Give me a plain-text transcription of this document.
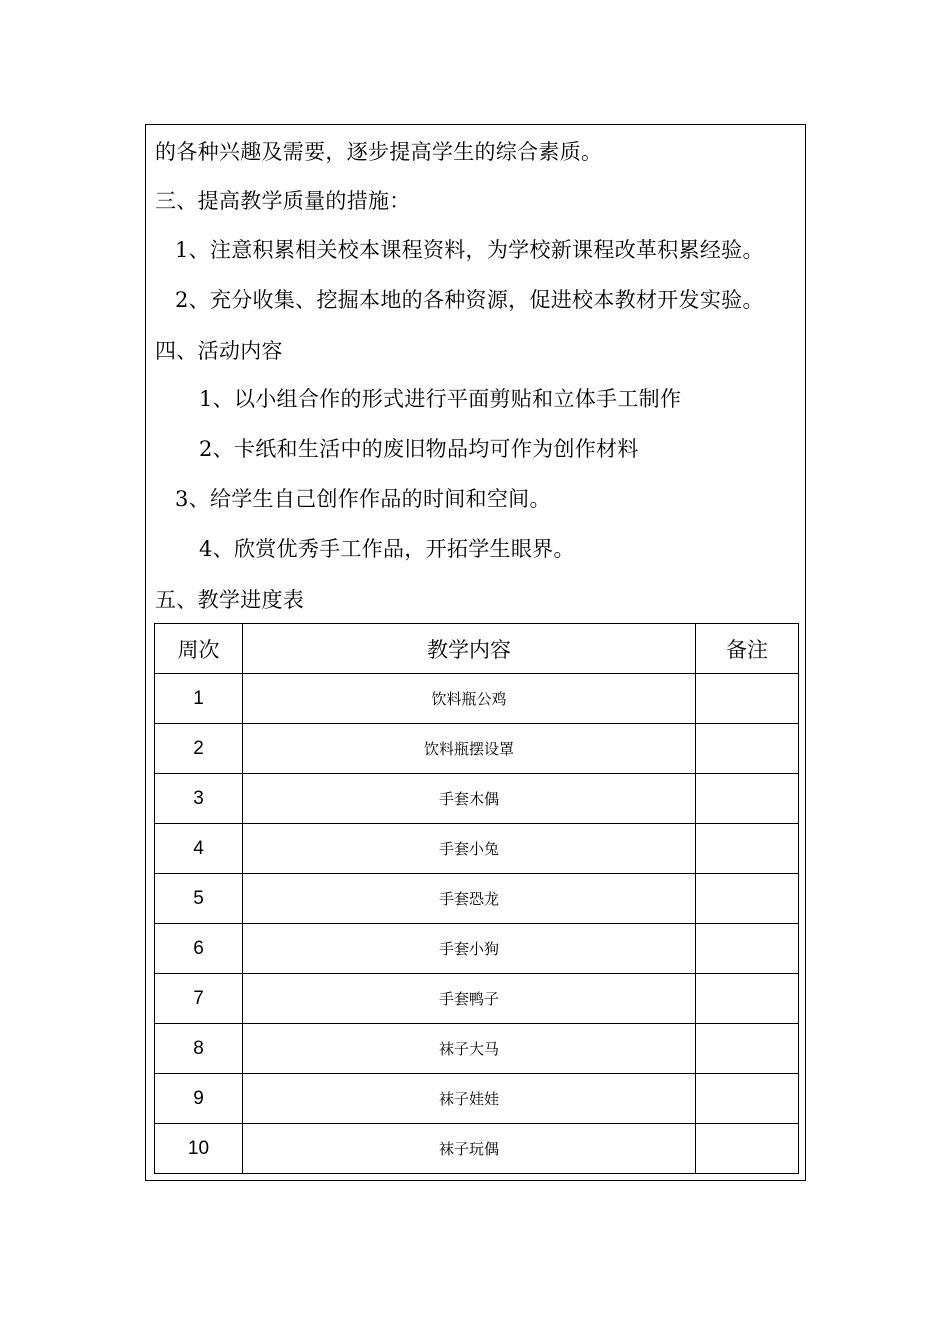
的各种兴趣及需要，逐步提高学生的综合素质。
三、提高教学质量的措施：
1、注意积累相关校本课程资料，为学校新课程改革积累经验。
2、充分收集、挖掘本地的各种资源，促进校本教材开发实验。
四、活动内容
1、以小组合作的形式进行平面剪贴和立体手工制作
2、卡纸和生活中的废旧物品均可作为创作材料
3、给学生自己创作作品的时间和空间。
4、欣赏优秀手工作品，开拓学生眼界。
五、教学进度表
周次	教学内容	备注
1	饮料瓶公鸡	
2	饮料瓶摆设罩	
3	手套木偶	
4	手套小兔	
5	手套恐龙	
6	手套小狗	
7	手套鸭子	
8	袜子大马	
9	袜子娃娃	
10	袜子玩偶	
